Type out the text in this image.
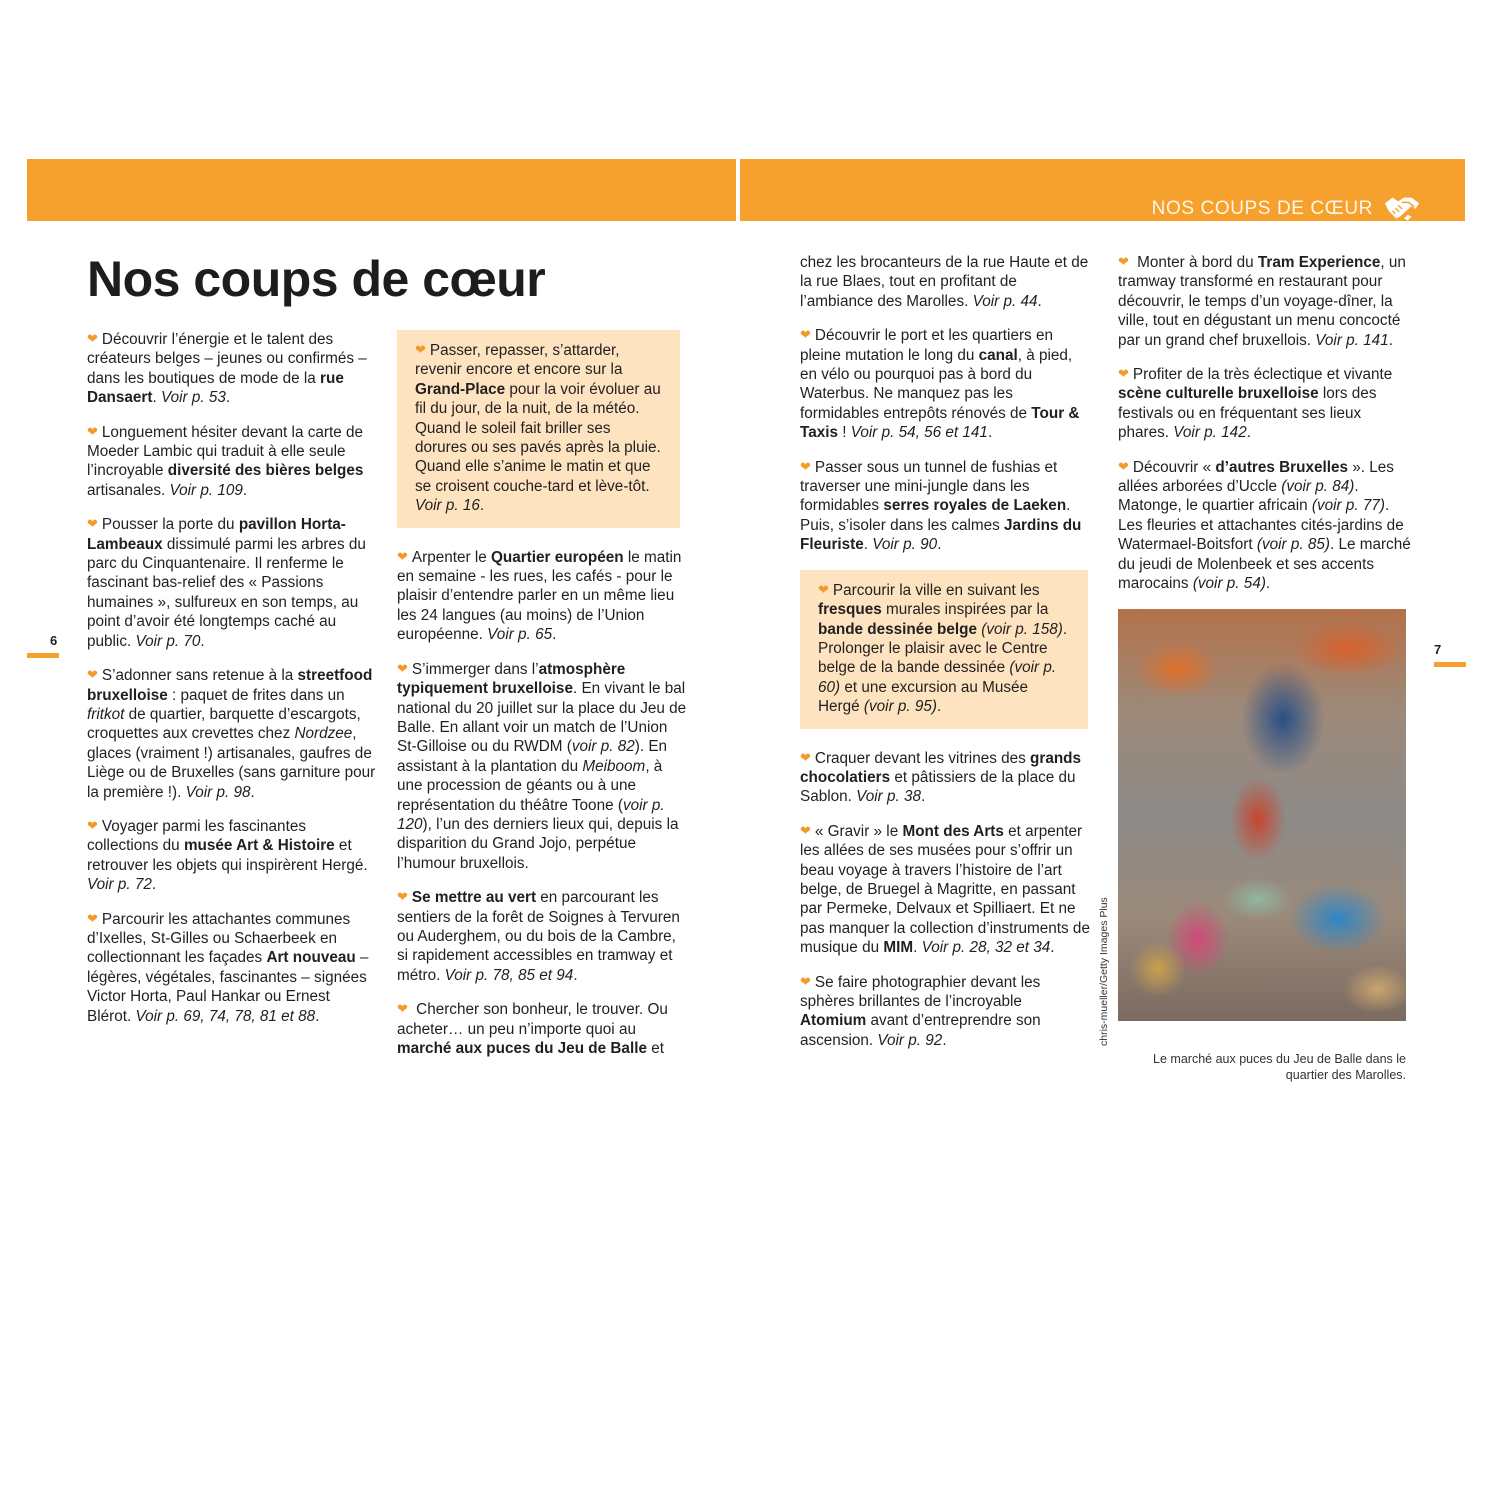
NOS COUPS DE CŒUR
Nos coups de cœur
6
7

❤ Découvrir l’énergie et le talent des créateurs belges – jeunes ou confirmés – dans les boutiques de mode de la rue Dansaert. Voir p. 53.

❤ Longuement hésiter devant la carte de Moeder Lambic qui traduit à elle seule l’incroyable diversité des bières belges artisanales. Voir p. 109.

❤ Pousser la porte du pavillon Horta-Lambeaux dissimulé parmi les arbres du parc du Cinquantenaire. Il renferme le fascinant bas-relief des « Passions humaines », sulfureux en son temps, au point d’avoir été longtemps caché au public. Voir p. 70.

❤ S’adonner sans retenue à la streetfood bruxelloise : paquet de frites dans un fritkot de quartier, barquette d’escargots, croquettes aux crevettes chez Nordzee, glaces (vraiment !) artisanales, gaufres de Liège ou de Bruxelles (sans garniture pour la première !). Voir p. 98.

❤ Voyager parmi les fascinantes collections du musée Art & Histoire et retrouver les objets qui inspirèrent Hergé. Voir p. 72.

❤ Parcourir les attachantes communes d’Ixelles, St-Gilles ou Schaerbeek en collectionnant les façades Art nouveau – légères, végétales, fascinantes – signées Victor Horta, Paul Hankar ou Ernest Blérot. Voir p. 69, 74, 78, 81 et 88.

❤ Passer, repasser, s’attarder, revenir encore et encore sur la Grand-Place pour la voir évoluer au fil du jour, de la nuit, de la météo. Quand le soleil fait briller ses dorures ou ses pavés après la pluie. Quand elle s’anime le matin et que se croisent couche-tard et lève-tôt. Voir p. 16.

❤ Arpenter le Quartier européen le matin en semaine - les rues, les cafés - pour le plaisir d’entendre parler en un même lieu les 24 langues (au moins) de l’Union européenne. Voir p. 65.

❤ S’immerger dans l’atmosphère typiquement bruxelloise. En vivant le bal national du 20 juillet sur la place du Jeu de Balle. En allant voir un match de l’Union St-Gilloise ou du RWDM (voir p. 82). En assistant à la plantation du Meiboom, à une procession de géants ou à une représentation du théâtre Toone (voir p. 120), l’un des derniers lieux qui, depuis la disparition du Grand Jojo, perpétue l’humour bruxellois.

❤ Se mettre au vert en parcourant les sentiers de la forêt de Soignes à Tervuren ou Auderghem, ou du bois de la Cambre, si rapidement accessibles en tramway et métro. Voir p. 78, 85 et 94.

❤ Chercher son bonheur, le trouver. Ou acheter… un peu n’importe quoi au marché aux puces du Jeu de Balle et

chez les brocanteurs de la rue Haute et de la rue Blaes, tout en profitant de l’ambiance des Marolles. Voir p. 44.

❤ Découvrir le port et les quartiers en pleine mutation le long du canal, à pied, en vélo ou pourquoi pas à bord du Waterbus. Ne manquez pas les formidables entrepôts rénovés de Tour & Taxis ! Voir p. 54, 56 et 141.

❤ Passer sous un tunnel de fushias et traverser une mini-jungle dans les formidables serres royales de Laeken. Puis, s’isoler dans les calmes Jardins du Fleuriste. Voir p. 90.

❤ Parcourir la ville en suivant les fresques murales inspirées par la bande dessinée belge (voir p. 158). Prolonger le plaisir avec le Centre belge de la bande dessinée (voir p. 60) et une excursion au Musée Hergé (voir p. 95).

❤ Craquer devant les vitrines des grands chocolatiers et pâtissiers de la place du Sablon. Voir p. 38.

❤ « Gravir » le Mont des Arts et arpenter les allées de ses musées pour s’offrir un beau voyage à travers l’histoire de l’art belge, de Bruegel à Magritte, en passant par Permeke, Delvaux et Spilliaert. Et ne pas manquer la collection d’instruments de musique du MIM. Voir p. 28, 32 et 34.

❤ Se faire photographier devant les sphères brillantes de l’incroyable Atomium avant d’entreprendre son ascension. Voir p. 92.

❤ Monter à bord du Tram Experience, un tramway transformé en restaurant pour découvrir, le temps d’un voyage-dîner, la ville, tout en dégustant un menu concocté par un grand chef bruxellois. Voir p. 141.

❤ Profiter de la très éclectique et vivante scène culturelle bruxelloise lors des festivals ou en fréquentant ses lieux phares. Voir p. 142.

❤ Découvrir « d’autres Bruxelles ». Les allées arborées d’Uccle (voir p. 84). Matonge, le quartier africain (voir p. 77). Les fleuries et attachantes cités-jardins de Watermael-Boitsfort (voir p. 85). Le marché du jeudi de Molenbeek et ses accents marocains (voir p. 54).

chris-mueller/Getty Images Plus
Le marché aux puces du Jeu de Balle dans le quartier des Marolles.
